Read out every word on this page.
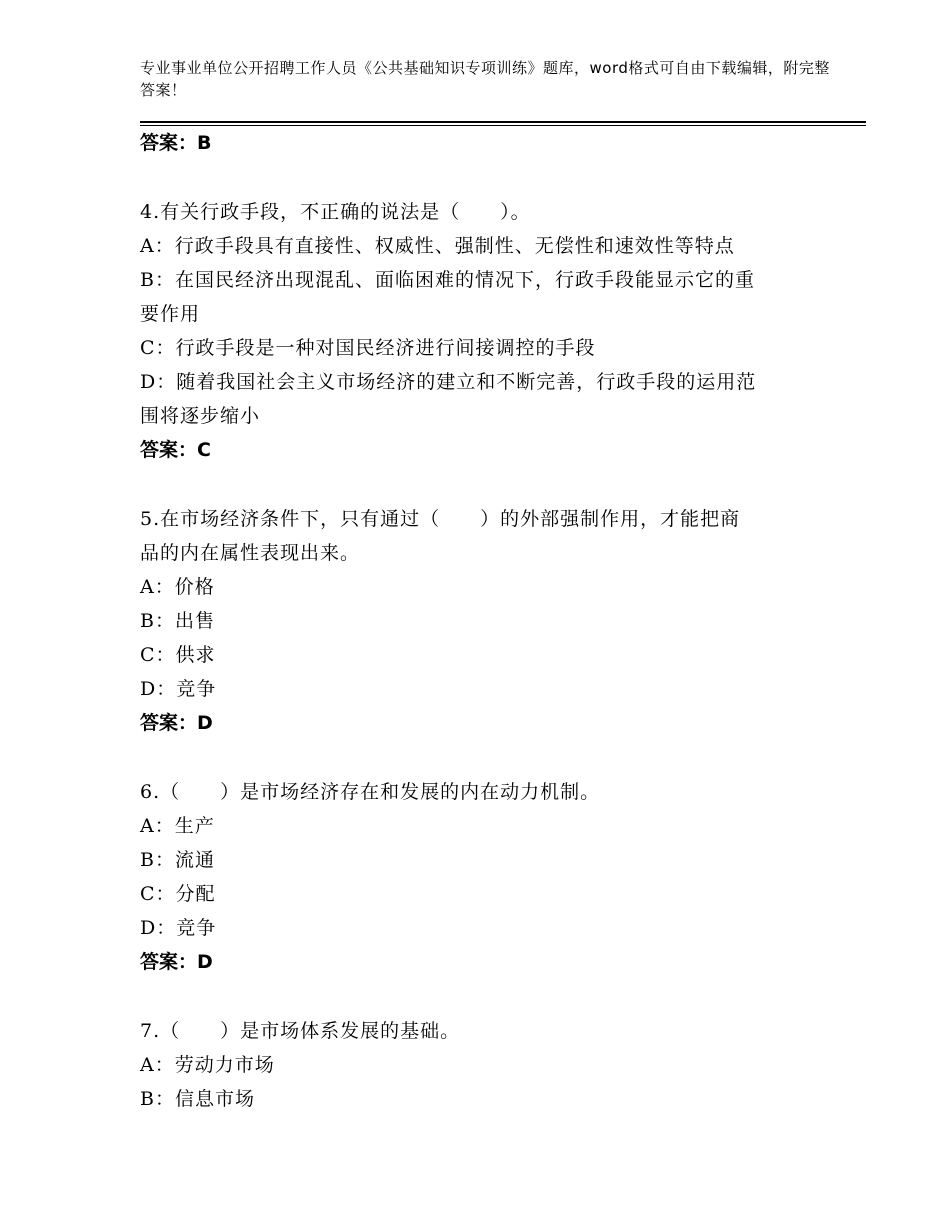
专业事业单位公开招聘工作人员《公共基础知识专项训练》题库，word格式可自由下载编辑，附完整答案！
答案：B
4.有关行政手段，不正确的说法是（　　）。
A：行政手段具有直接性、权威性、强制性、无偿性和速效性等特点
B：在国民经济出现混乱、面临困难的情况下，行政手段能显示它的重
要作用
C：行政手段是一种对国民经济进行间接调控的手段
D：随着我国社会主义市场经济的建立和不断完善，行政手段的运用范
围将逐步缩小
答案：C
5.在市场经济条件下，只有通过（　　）的外部强制作用，才能把商
品的内在属性表现出来。
A：价格
B：出售
C：供求
D：竞争
答案：D
6.（　　）是市场经济存在和发展的内在动力机制。
A：生产
B：流通
C：分配
D：竞争
答案：D
7.（　　）是市场体系发展的基础。
A：劳动力市场
B：信息市场
